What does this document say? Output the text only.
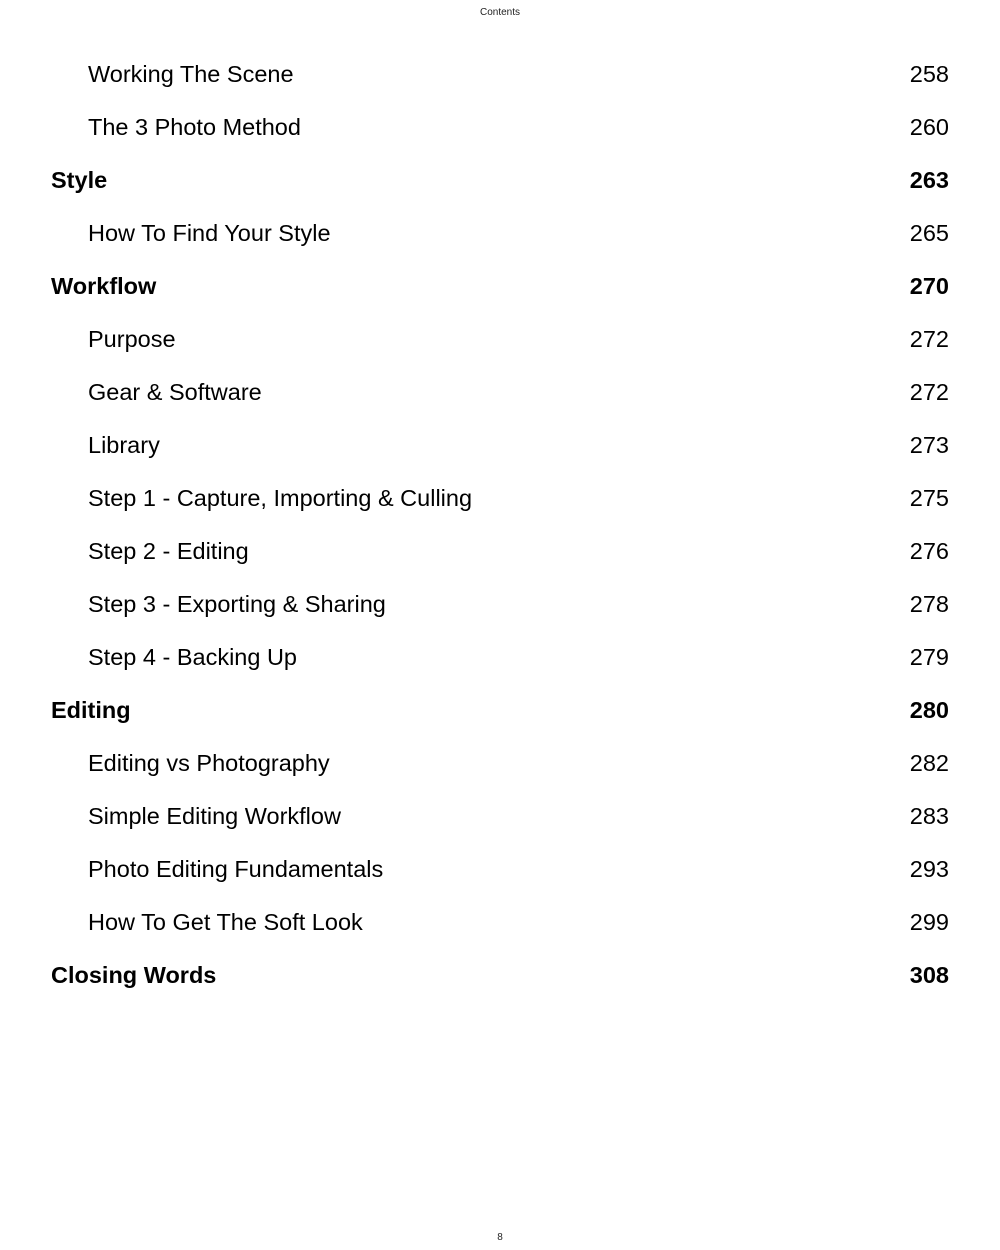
Contents
Working The Scene	258
The 3 Photo Method	260
Style	263
How To Find Your Style	265
Workflow	270
Purpose	272
Gear & Software	272
Library	273
Step 1 - Capture, Importing & Culling	275
Step 2 - Editing	276
Step 3 - Exporting & Sharing	278
Step 4 - Backing Up	279
Editing	280
Editing vs Photography	282
Simple Editing Workflow	283
Photo Editing Fundamentals	293
How To Get The Soft Look	299
Closing Words	308
8
